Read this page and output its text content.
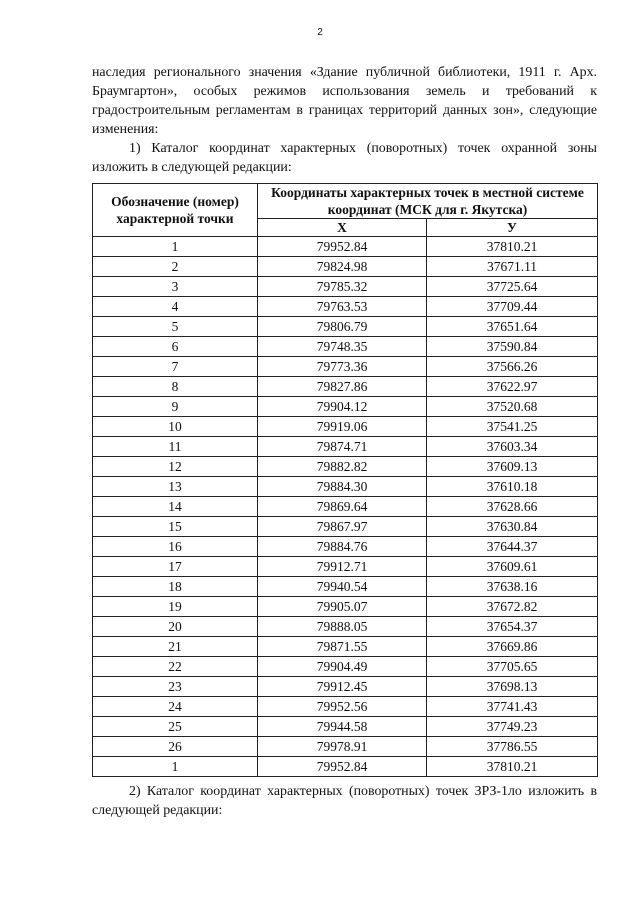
2

наследия регионального значения «Здание публичной библиотеки, 1911 г. Арх. Браумгартон», особых режимов использования земель и требований к градостроительным регламентам в границах территорий данных зон», следующие изменения:

1) Каталог координат характерных (поворотных) точек охранной зоны изложить в следующей редакции:

Обозначение (номер) характерной точки	Координаты характерных точек в местной системе координат (МСК для г. Якутска)	
	Х	У
1	79952.84	37810.21
2	79824.98	37671.11
3	79785.32	37725.64
4	79763.53	37709.44
5	79806.79	37651.64
6	79748.35	37590.84
7	79773.36	37566.26
8	79827.86	37622.97
9	79904.12	37520.68
10	79919.06	37541.25
11	79874.71	37603.34
12	79882.82	37609.13
13	79884.30	37610.18
14	79869.64	37628.66
15	79867.97	37630.84
16	79884.76	37644.37
17	79912.71	37609.61
18	79940.54	37638.16
19	79905.07	37672.82
20	79888.05	37654.37
21	79871.55	37669.86
22	79904.49	37705.65
23	79912.45	37698.13
24	79952.56	37741.43
25	79944.58	37749.23
26	79978.91	37786.55
1	79952.84	37810.21

2) Каталог координат характерных (поворотных) точек ЗРЗ-1ло изложить в следующей редакции:
